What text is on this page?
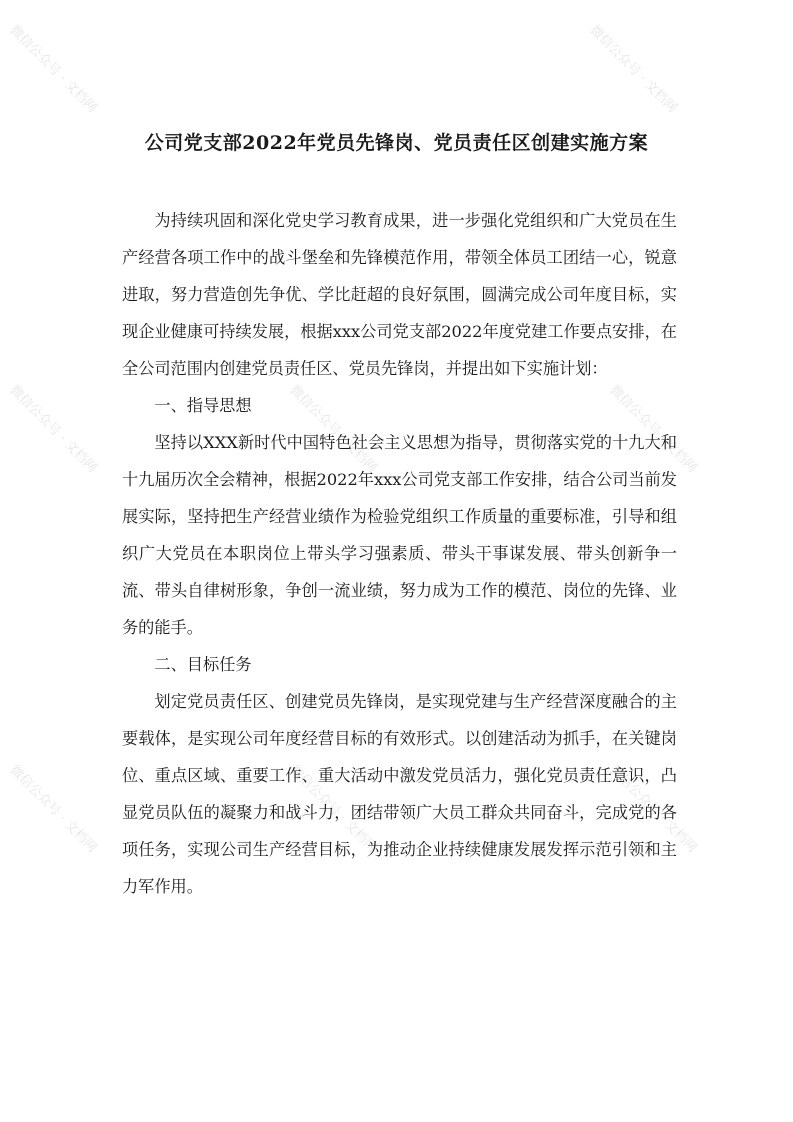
微信公众号 · 文档网	微信公众号 · 文档网
微信公众号 · 文档网	微信公众号 · 文档网	微信公众号 · 文档网
微信公众号 · 文档网	微信公众号 · 文档网	微信公众号 · 文档网
公司党支部2022年党员先锋岗、党员责任区创建实施方案

为持续巩固和深化党史学习教育成果，进一步强化党组织和广大党员在生产经营各项工作中的战斗堡垒和先锋模范作用，带领全体员工团结一心，锐意进取，努力营造创先争优、学比赶超的良好氛围，圆满完成公司年度目标，实现企业健康可持续发展，根据xxx公司党支部2022年度党建工作要点安排，在全公司范围内创建党员责任区、党员先锋岗，并提出如下实施计划：

一、指导思想

坚持以XXX新时代中国特色社会主义思想为指导，贯彻落实党的十九大和十九届历次全会精神，根据2022年xxx公司党支部工作安排，结合公司当前发展实际，坚持把生产经营业绩作为检验党组织工作质量的重要标准，引导和组织广大党员在本职岗位上带头学习强素质、带头干事谋发展、带头创新争一流、带头自律树形象，争创一流业绩，努力成为工作的模范、岗位的先锋、业务的能手。

二、目标任务

划定党员责任区、创建党员先锋岗，是实现党建与生产经营深度融合的主要载体，是实现公司年度经营目标的有效形式。以创建活动为抓手，在关键岗位、重点区域、重要工作、重大活动中激发党员活力，强化党员责任意识，凸显党员队伍的凝聚力和战斗力，团结带领广大员工群众共同奋斗，完成党的各项任务，实现公司生产经营目标，为推动企业持续健康发展发挥示范引领和主力军作用。
